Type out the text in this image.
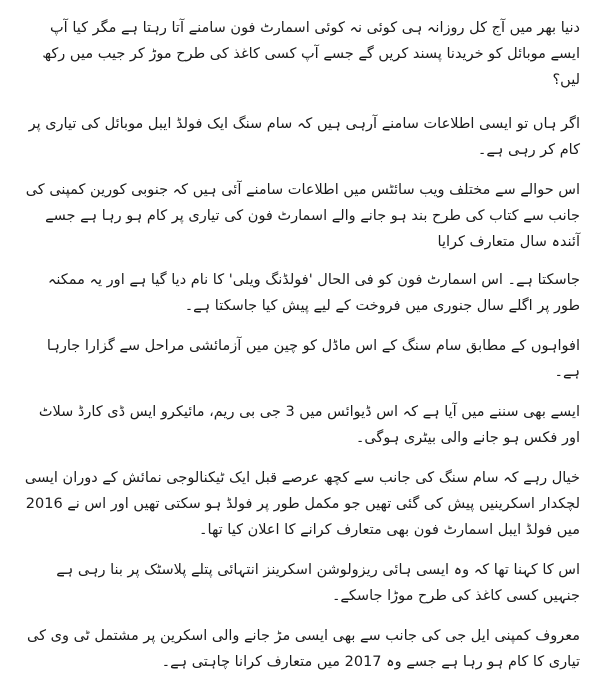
دنیا بھر میں آج کل روزانہ ہی کوئی نہ کوئی اسمارٹ فون سامنے آتا رہتا ہے مگر کیا آپ ایسے موبائل کو خریدنا پسند کریں گے جسے آپ کسی کاغذ کی طرح موڑ کر جیب میں رکھ لیں؟

اگر ہاں تو ایسی اطلاعات سامنے آرہی ہیں کہ سام سنگ ایک فولڈ ایبل موبائل کی تیاری پر کام کر رہی ہے۔

اس حوالے سے مختلف ویب سائٹس میں اطلاعات سامنے آئی ہیں کہ جنوبی کورین کمپنی کی جانب سے کتاب کی طرح بند ہو جانے والے اسمارٹ فون کی تیاری پر کام ہو رہا ہے جسے آئندہ سال متعارف کرایا

جاسکتا ہے۔ اس اسمارٹ فون کو فی الحال 'فولڈنگ ویلی' کا نام دیا گیا ہے اور یہ ممکنہ طور پر اگلے سال جنوری میں فروخت کے لیے پیش کیا جاسکتا ہے۔

افواہوں کے مطابق سام سنگ کے اس ماڈل کو چین میں آزمائشی مراحل سے گزارا جارہا ہے۔

ایسے بھی سننے میں آیا ہے کہ اس ڈیوائس میں 3 جی بی ریم، مائیکرو ایس ڈی کارڈ سلاٹ اور فکس ہو جانے والی بیٹری ہوگی۔

خیال رہے کہ سام سنگ کی جانب سے کچھ عرصے قبل ایک ٹیکنالوجی نمائش کے دوران ایسی لچکدار اسکرینیں پیش کی گئی تھیں جو مکمل طور پر فولڈ ہو سکتی تھیں اور اس نے 2016 میں فولڈ ایبل اسمارٹ فون بھی متعارف کرانے کا اعلان کیا تھا۔

اس کا کہنا تھا کہ وہ ایسی ہائی ریزولوشن اسکرینز انتہائی پتلے پلاسٹک پر بنا رہی ہے جنہیں کسی کاغذ کی طرح موڑا جاسکے۔

معروف کمپنی ایل جی کی جانب سے بھی ایسی مڑ جانے والی اسکرین پر مشتمل ٹی وی کی تیاری کا کام ہو رہا ہے جسے وہ 2017 میں متعارف کرانا چاہتی ہے۔
